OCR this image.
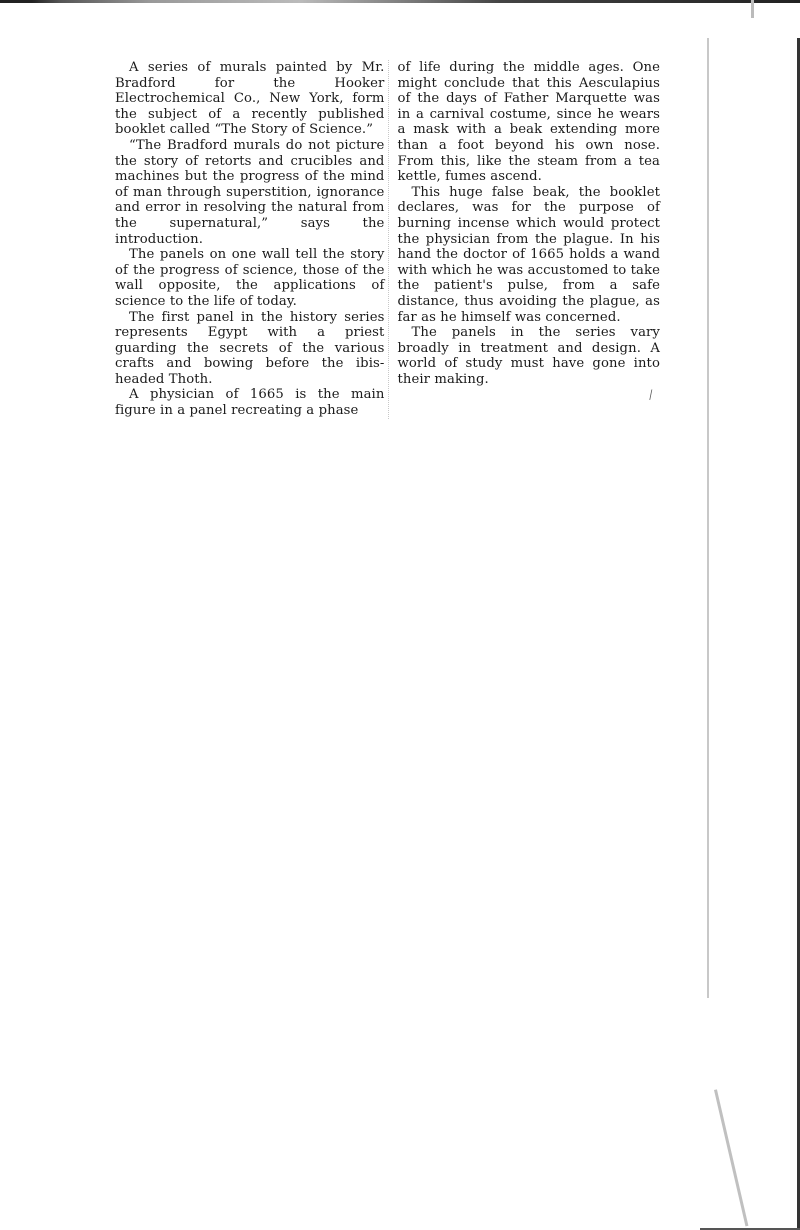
A series of murals painted by Mr. Bradford for the Hooker Electrochemical Co., New York, form the subject of a recently published booklet called “The Story of Science.”

“The Bradford murals do not picture the story of retorts and crucibles and machines but the progress of the mind of man through superstition, ignorance and error in resolving the natural from the supernatural,” says the introduction.

The panels on one wall tell the story of the progress of science, those of the wall opposite, the applications of science to the life of today.

The first panel in the history series represents Egypt with a priest guarding the secrets of the various crafts and bowing before the ibis-headed Thoth.

A physician of 1665 is the main figure in a panel recreating a phase

of life during the middle ages. One might conclude that this Aesculapius of the days of Father Marquette was in a carnival costume, since he wears a mask with a beak extending more than a foot beyond his own nose. From this, like the steam from a tea kettle, fumes ascend.

This huge false beak, the booklet declares, was for the purpose of burning incense which would protect the physician from the plague. In his hand the doctor of 1665 holds a wand with which he was accustomed to take the patient's pulse, from a safe distance, thus avoiding the plague, as far as he himself was concerned.

The panels in the series vary broadly in treatment and design. A world of study must have gone into their making.

⁄
